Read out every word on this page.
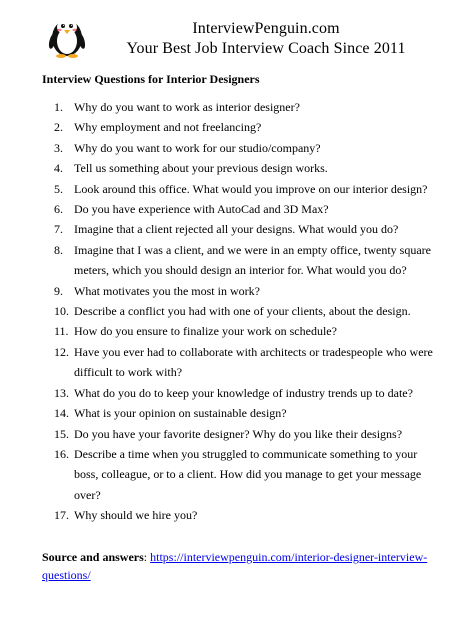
InterviewPenguin.com
Your Best Job Interview Coach Since 2011
Interview Questions for Interior Designers
1. Why do you want to work as interior designer?
2. Why employment and not freelancing?
3. Why do you want to work for our studio/company?
4. Tell us something about your previous design works.
5. Look around this office. What would you improve on our interior design?
6. Do you have experience with AutoCad and 3D Max?
7. Imagine that a client rejected all your designs. What would you do?
8. Imagine that I was a client, and we were in an empty office, twenty square meters, which you should design an interior for. What would you do?
9. What motivates you the most in work?
10. Describe a conflict you had with one of your clients, about the design.
11. How do you ensure to finalize your work on schedule?
12. Have you ever had to collaborate with architects or tradespeople who were difficult to work with?
13. What do you do to keep your knowledge of industry trends up to date?
14. What is your opinion on sustainable design?
15. Do you have your favorite designer? Why do you like their designs?
16. Describe a time when you struggled to communicate something to your boss, colleague, or to a client. How did you manage to get your message over?
17. Why should we hire you?
Source and answers: https://interviewpenguin.com/interior-designer-interview-questions/
